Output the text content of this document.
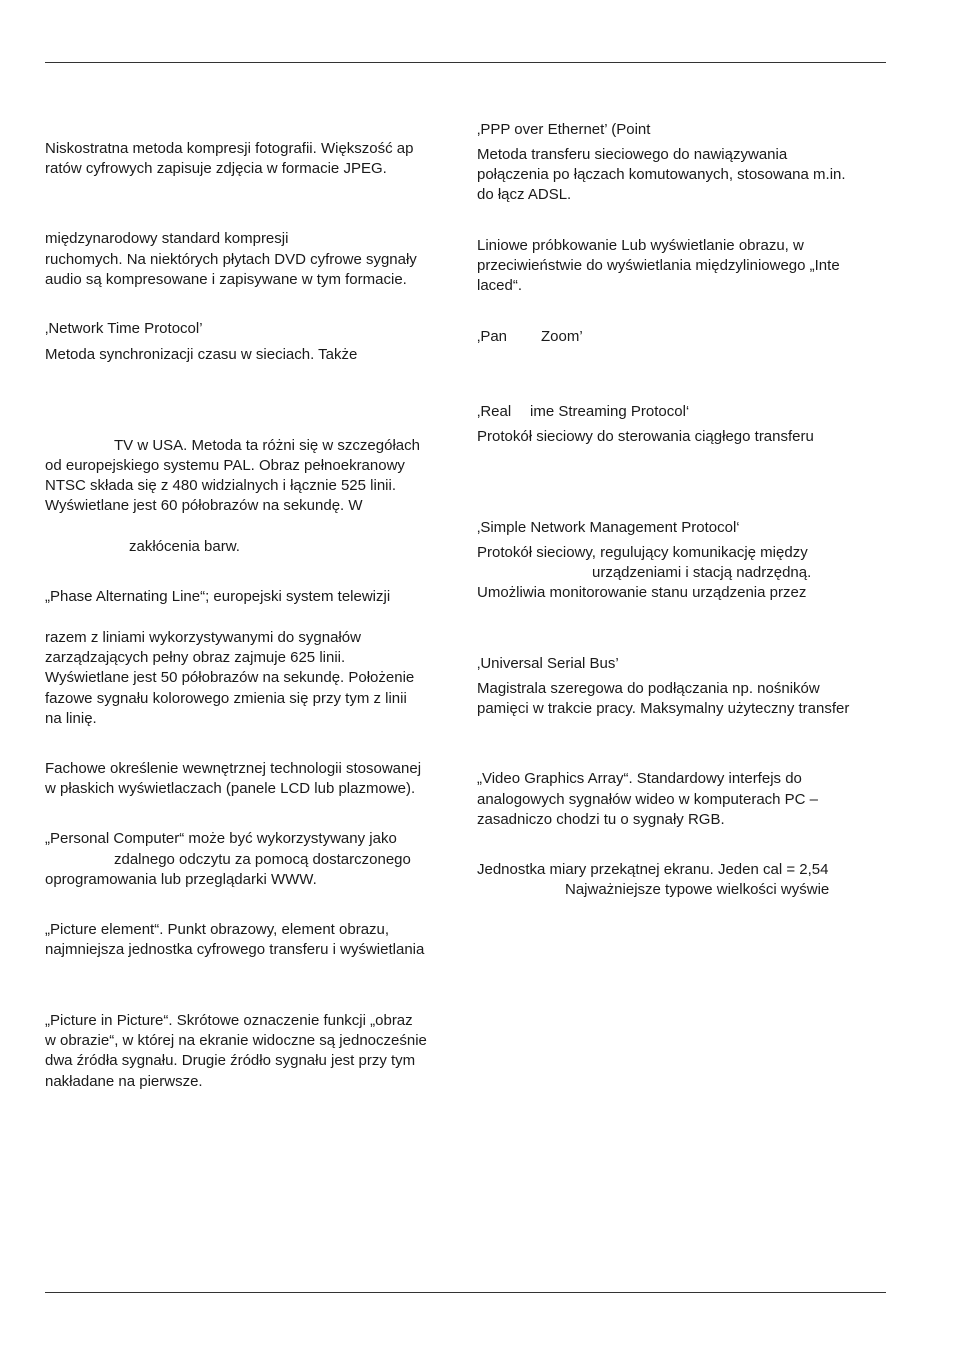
Niskostratna metoda kompresji fotografii. Większość ap
ratów cyfrowych zapisuje zdjęcia w formacie JPEG.
międzynarodowy standard kompresji
ruchomych. Na niektórych płytach DVD cyfrowe sygnały
audio są kompresowane i zapisywane w tym formacie.
‚Network Time Protocol’
Metoda synchronizacji czasu w sieciach. Także
TV w USA. Metoda ta różni się w szczegółach
od europejskiego systemu PAL. Obraz pełnoekranowy
NTSC składa się z 480 widzialnych i łącznie 525 linii.
Wyświetlane jest 60 półobrazów na sekundę. W
zakłócenia barw.
„Phase Alternating Line“; europejski system telewizji
razem z liniami wykorzystywanymi do sygnałów
zarządzających pełny obraz zajmuje 625 linii.
Wyświetlane jest 50 półobrazów na sekundę. Położenie
fazowe sygnału kolorowego zmienia się przy tym z linii
na linię.
Fachowe określenie wewnętrznej technologii stosowanej
w płaskich wyświetlaczach (panele LCD lub plazmowe).
„Personal Computer“ może być wykorzystywany jako
zdalnego odczytu za pomocą dostarczonego
oprogramowania lub przeglądarki WWW.
„Picture element“. Punkt obrazowy, element obrazu,
najmniejsza jednostka cyfrowego transferu i wyświetlania
„Picture in Picture“. Skrótowe oznaczenie funkcji „obraz
w obrazie“, w której na ekranie widoczne są jednocześnie
dwa źródła sygnału. Drugie źródło sygnału jest przy tym
nakładane na pierwsze.
‚PPP over Ethernet’ (Point
Metoda transferu sieciowego do nawiązywania
połączenia po łączach komutowanych, stosowana m.in.
do łącz ADSL.
Liniowe próbkowanie Lub wyświetlanie obrazu, w
przeciwieństwie do wyświetlania międzyliniowego „Inte
laced“.
‚Pan Zoom’
‚Real ime Streaming Protocol‘
Protokół sieciowy do sterowania ciągłego transferu
‚Simple Network Management Protocol‘
Protokół sieciowy, regulujący komunikację między
urządzeniami i stacją nadrzędną.
Umożliwia monitorowanie stanu urządzenia przez
‚Universal Serial Bus’
Magistrala szeregowa do podłączania np. nośników
pamięci w trakcie pracy. Maksymalny użyteczny transfer
„Video Graphics Array“. Standardowy interfejs do
analogowych sygnałów wideo w komputerach PC –
zasadniczo chodzi tu o sygnały RGB.
Jednostka miary przekątnej ekranu. Jeden cal = 2,54
Najważniejsze typowe wielkości wyświe
